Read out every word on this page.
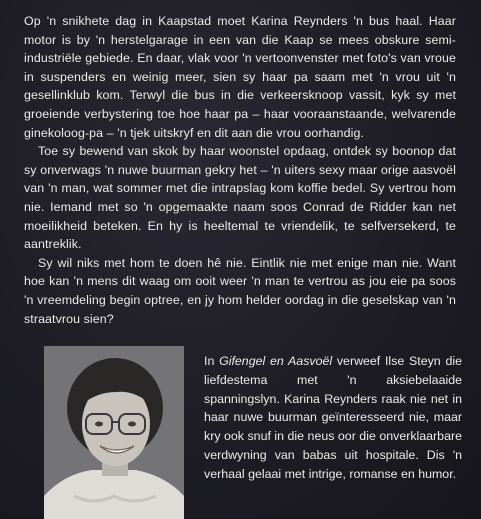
Op 'n snikhete dag in Kaapstad moet Karina Reynders 'n bus haal. Haar motor is by 'n herstelgarage in een van die Kaap se mees obskure semi-industriële gebiede. En daar, vlak voor 'n vertoonvenster met foto's van vroue in suspenders en weinig meer, sien sy haar pa saam met 'n vrou uit 'n gesellinklub kom. Terwyl die bus in die verkeersknoop vassit, kyk sy met groeiende verbystering toe hoe haar pa – haar vooraanstaande, welvarende ginekoloog-pa – 'n tjek uitskryf en dit aan die vrou oorhandig.

Toe sy bewend van skok by haar woonstel opdaag, ontdek sy boonop dat sy onverwags 'n nuwe buurman gekry het – 'n uiters sexy maar orige aasvoël van 'n man, wat sommer met die intrapslag kom koffie bedel. Sy vertrou hom nie. Iemand met so 'n opgemaakte naam soos Conrad de Ridder kan net moeilikheid beteken. En hy is heeltemal te vriendelik, te selfversekerd, te aantreklik.

Sy wil niks met hom te doen hê nie. Eintlik nie met enige man nie. Want hoe kan 'n mens dit waag om ooit weer 'n man te vertrou as jou eie pa soos 'n vreemdeling begin optree, en jy hom helder oordag in die geselskap van 'n straatvrou sien?

In Gifengel en Aasvoël verweef Ilse Steyn die liefdestema met 'n aksiebelaaide spanningslyn. Karina Reynders raak nie net in haar nuwe buurman geïnteresseerd nie, maar kry ook snuf in die neus oor die onverklaarbare verdwyning van babas uit hospitale. Dis 'n verhaal gelaai met intrige, romanse en humor.
